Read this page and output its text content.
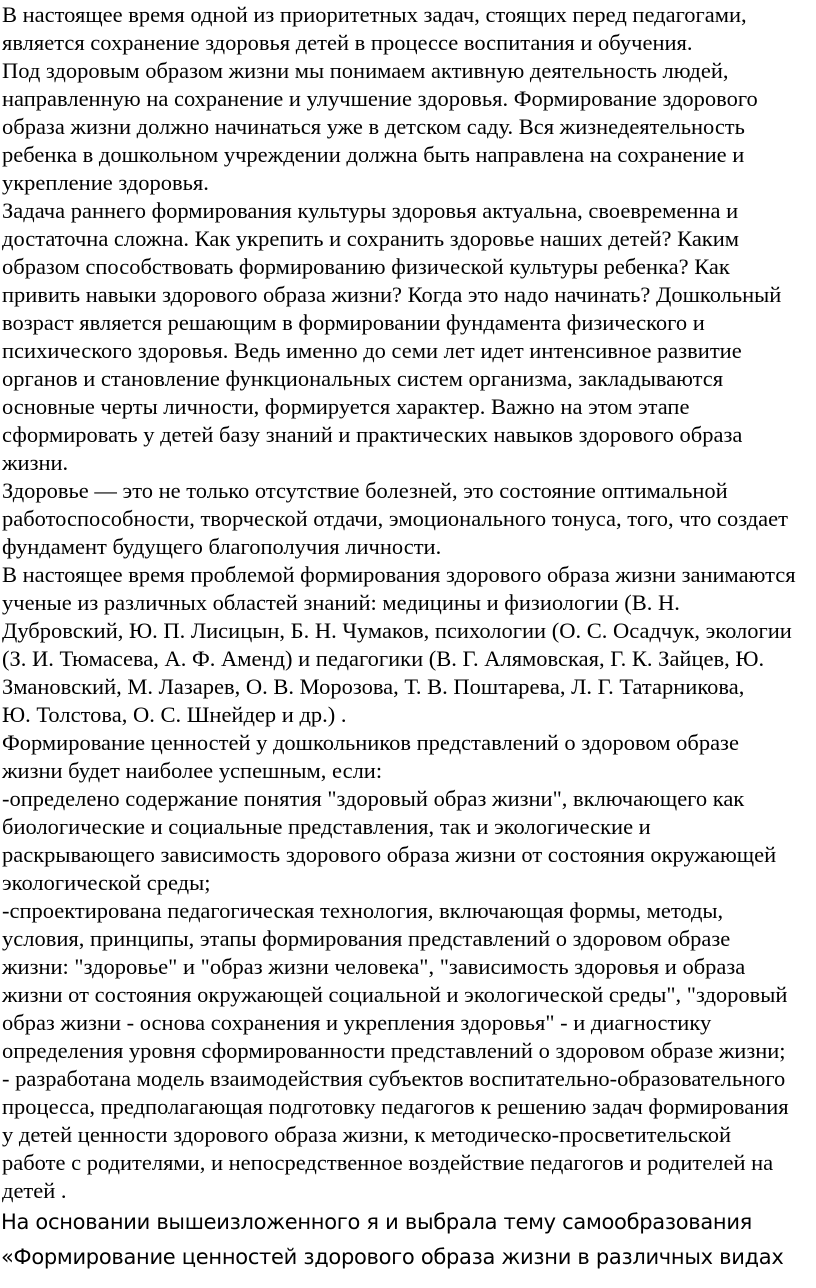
В настоящее время одной из приоритетных задач, стоящих перед педагогами,
является сохранение здоровья детей в процессе воспитания и обучения.
Под здоровым образом жизни мы понимаем активную деятельность людей,
направленную на сохранение и улучшение здоровья. Формирование здорового
образа жизни должно начинаться уже в детском саду. Вся жизнедеятельность
ребенка в дошкольном учреждении должна быть направлена на сохранение и
укрепление здоровья.
Задача раннего формирования культуры здоровья актуальна, своевременна и
достаточна сложна. Как укрепить и сохранить здоровье наших детей? Каким
образом способствовать формированию физической культуры ребенка? Как
привить навыки здорового образа жизни? Когда это надо начинать? Дошкольный
возраст является решающим в формировании фундамента физического и
психического здоровья. Ведь именно до семи лет идет интенсивное развитие
органов и становление функциональных систем организма, закладываются
основные черты личности, формируется характер. Важно на этом этапе
сформировать у детей базу знаний и практических навыков здорового образа
жизни.
Здоровье — это не только отсутствие болезней, это состояние оптимальной
работоспособности, творческой отдачи, эмоционального тонуса, того, что создает
фундамент будущего благополучия личности.
В настоящее время проблемой формирования здорового образа жизни занимаются
ученые из различных областей знаний: медицины и физиологии (В. Н.
Дубровский, Ю. П. Лисицын, Б. Н. Чумаков, психологии (О. С. Осадчук, экологии
(З. И. Тюмасева, А. Ф. Аменд) и педагогики (В. Г. Алямовская, Г. К. Зайцев, Ю.
Змановский, М. Лазарев, О. В. Морозова, Т. В. Поштарева, Л. Г. Татарникова,
Ю. Толстова, О. С. Шнейдер и др.) .
Формирование ценностей у дошкольников представлений о здоровом образе
жизни будет наиболее успешным, если:
-определено содержание понятия "здоровый образ жизни", включающего как
биологические и социальные представления, так и экологические и
раскрывающего зависимость здорового образа жизни от состояния окружающей
экологической среды;
-спроектирована педагогическая технология, включающая формы, методы,
условия, принципы, этапы формирования представлений о здоровом образе
жизни: "здоровье" и "образ жизни человека", "зависимость здоровья и образа
жизни от состояния окружающей социальной и экологической среды", "здоровый
образ жизни - основа сохранения и укрепления здоровья" - и диагностику
определения уровня сформированности представлений о здоровом образе жизни;
- разработана модель взаимодействия субъектов воспитательно-образовательного
процесса, предполагающая подготовку педагогов к решению задач формирования
у детей ценности здорового образа жизни, к методическо-просветительской
работе с родителями, и непосредственное воздействие педагогов и родителей на
детей .
На основании вышеизложенного я и выбрала тему самообразования
«Формирование ценностей здорового образа жизни в различных видах
